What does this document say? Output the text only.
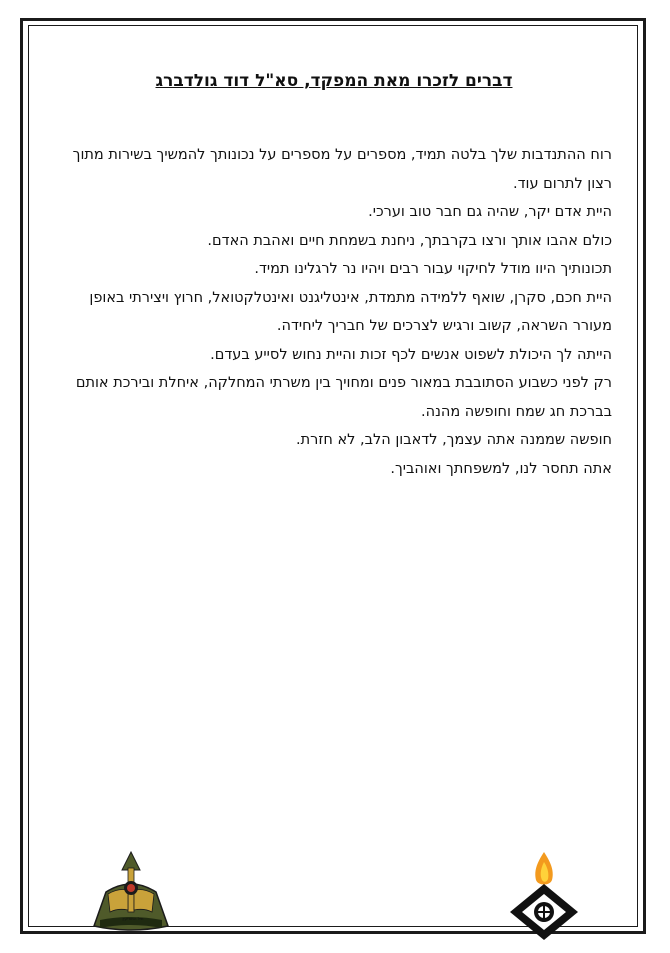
דברים לזכרו מאת המפקד, סא"ל דוד גולדברג

רוח ההתנדבות שלך בלטה תמיד, מספרים על מספרים על נכונותך להמשיך בשירות מתוך רצון לתרום עוד.

היית אדם יקר, שהיה גם חבר טוב וערכי.

כולם אהבו אותך ורצו בקרבתך, ניחנת בשמחת חיים ואהבת האדם.

תכונותיך היוו מודל לחיקוי עבור רבים ויהיו נר לרגלינו תמיד.

היית חכם, סקרן, שואף ללמידה מתמדת, אינטליגנט ואינטלקטואל, חרוץ ויצירתי באופן מעורר השראה, קשוב ורגיש לצרכים של חבריך ליחידה.

הייתה לך היכולת לשפוט אנשים לכף זכות והיית נחוש לסייע בעדם.

רק לפני כשבוע הסתובבת במאור פנים ומחויך בין משרתי המחלקה, איחלת ובירכת אותם בברכת חג שמח וחופשה מהנה.

חופשה שממנה אתה עצמך, לדאבון הלב, לא חזרת.

אתה תחסר לנו, למשפחתך ואוהביך.

חיל המודיעין
